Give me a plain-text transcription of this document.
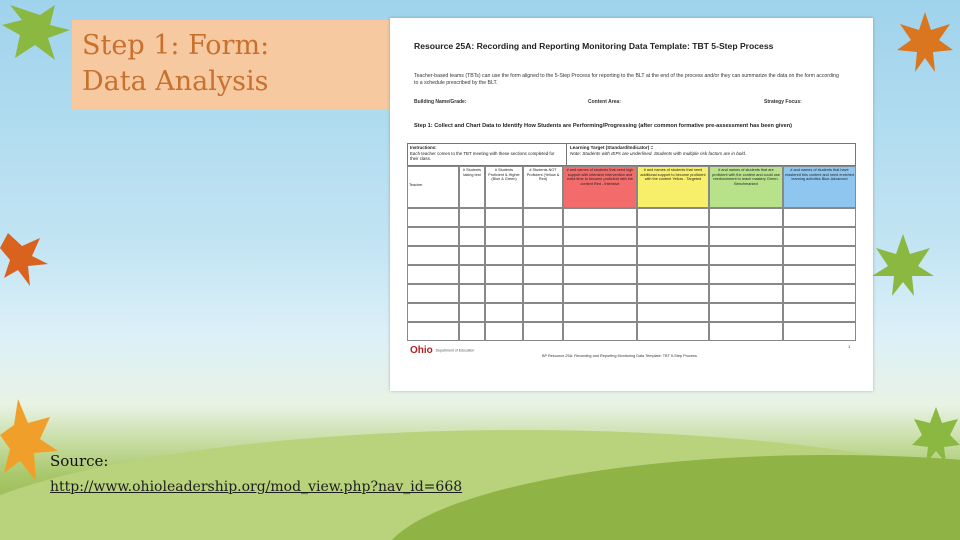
Step 1: Form:
Data Analysis
Resource 25A: Recording and Reporting Monitoring Data Template: TBT 5-Step Process
Teacher-based teams (TBTs) can use the form aligned to the 5-Step Process for reporting to the BLT at the end of the process and/or they can summarize the data on the form according to a schedule prescribed by the BLT.
Building Name/Grade:	Content Area:	Strategy Focus:
Step 1: Collect and Chart Data to Identify How Students are Performing/Progressing (after common formative pre-assessment has been given)
Instructions:
Each teacher comes to the TBT meeting with these sections completed for their class.
Learning Target (Standard/Indicator) =
Note: Students with IEPs are underlined. Students with multiple risk factors are in bold.
Teacher
# Students taking test
# Students Proficient & Higher (Blue & Green)
# Students NOT Proficient (Yellow & Red)
# and names of students that need high support with intensive intervention and extra time to become proficient with the content Red - Intensive
# and names of students that need additional support to become proficient with the content Yellow - Targeted
# and names of students that are proficient with the content and could use reinforcement to reach mastery Green-Benchmarked
# and names of students that have mastered this content and need enriched learning activities Blue-Advanced
Ohio Department of Education
BP Resource 25A: Recording and Reporting Monitoring Data Template: TBT 5-Step Process
1
Source:
http://www.ohioleadership.org/mod_view.php?nav_id=668
